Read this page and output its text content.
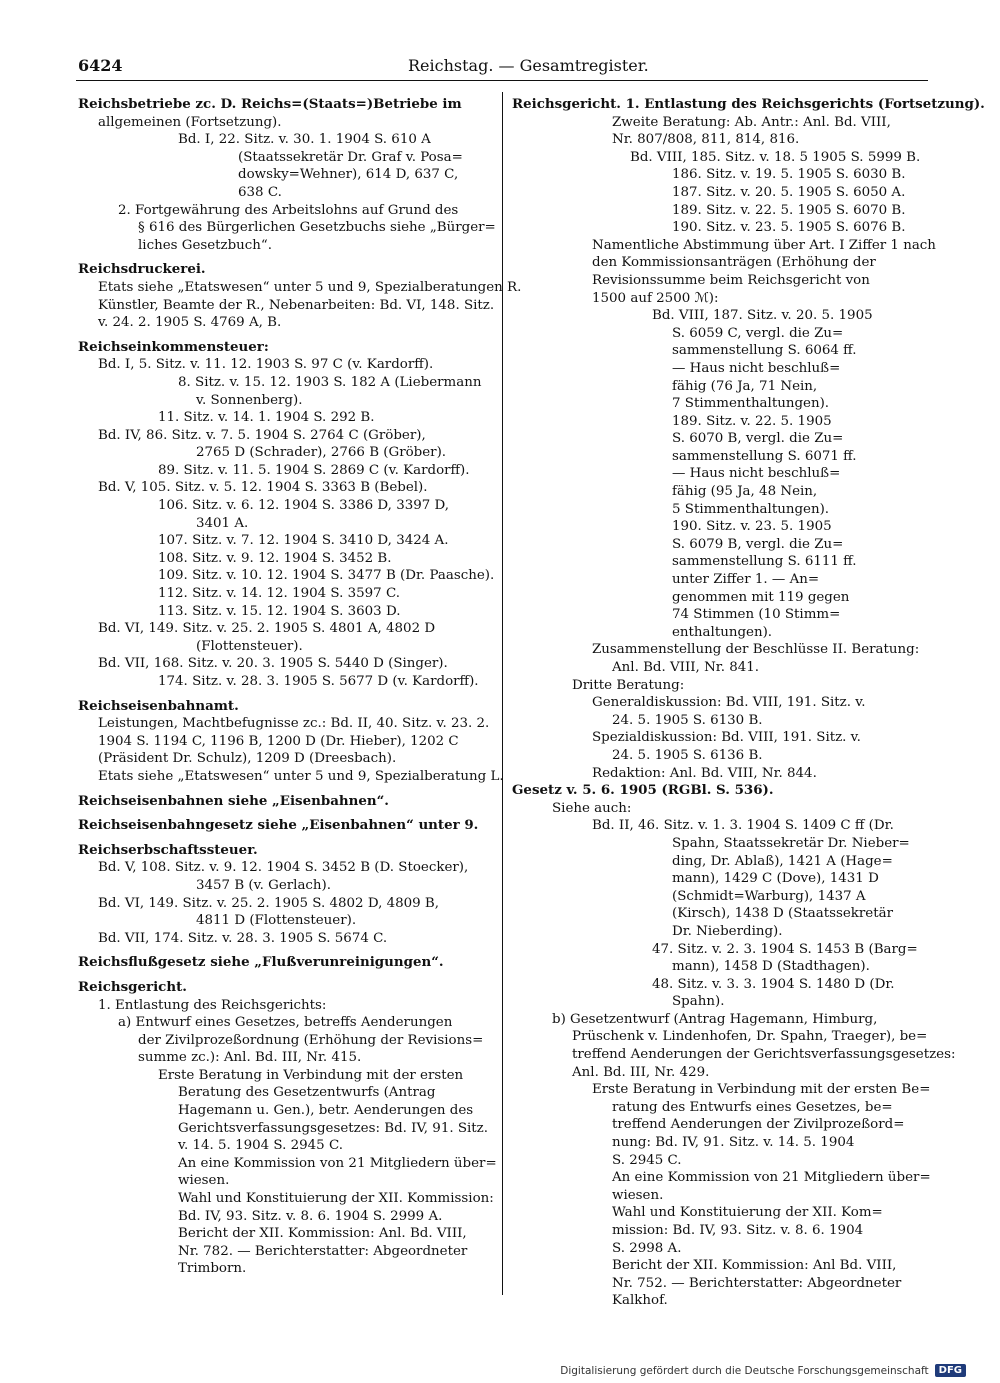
6424	Reichstag. — Gesamtregister.
Reichsbetriebe zc. D. Reichs=(Staats=)Betriebe im
allgemeinen (Fortsetzung).
Bd. I, 22. Sitz. v. 30. 1. 1904 S. 610 A
(Staatssekretär Dr. Graf v. Posa=
dowsky=Wehner), 614 D, 637 C,
638 C.
2. Fortgewährung des Arbeitslohns auf Grund des
§ 616 des Bürgerlichen Gesetzbuchs siehe „Bürger=
liches Gesetzbuch“.
Reichsdruckerei.
Etats siehe „Etatswesen“ unter 5 und 9, Spezialberatungen R.
Künstler, Beamte der R., Nebenarbeiten: Bd. VI, 148. Sitz.
v. 24. 2. 1905 S. 4769 A, B.
Reichseinkommensteuer:
Bd. I, 5. Sitz. v. 11. 12. 1903 S. 97 C (v. Kardorff).
8. Sitz. v. 15. 12. 1903 S. 182 A (Liebermann
v. Sonnenberg).
11. Sitz. v. 14. 1. 1904 S. 292 B.
Bd. IV, 86. Sitz. v. 7. 5. 1904 S. 2764 C (Gröber),
2765 D (Schrader), 2766 B (Gröber).
89. Sitz. v. 11. 5. 1904 S. 2869 C (v. Kardorff).
Bd. V, 105. Sitz. v. 5. 12. 1904 S. 3363 B (Bebel).
106. Sitz. v. 6. 12. 1904 S. 3386 D, 3397 D,
3401 A.
107. Sitz. v. 7. 12. 1904 S. 3410 D, 3424 A.
108. Sitz. v. 9. 12. 1904 S. 3452 B.
109. Sitz. v. 10. 12. 1904 S. 3477 B (Dr. Paasche).
112. Sitz. v. 14. 12. 1904 S. 3597 C.
113. Sitz. v. 15. 12. 1904 S. 3603 D.
Bd. VI, 149. Sitz. v. 25. 2. 1905 S. 4801 A, 4802 D
(Flottensteuer).
Bd. VII, 168. Sitz. v. 20. 3. 1905 S. 5440 D (Singer).
174. Sitz. v. 28. 3. 1905 S. 5677 D (v. Kardorff).
Reichseisenbahnamt.
Leistungen, Machtbefugnisse zc.: Bd. II, 40. Sitz. v. 23. 2.
1904 S. 1194 C, 1196 B, 1200 D (Dr. Hieber), 1202 C
(Präsident Dr. Schulz), 1209 D (Dreesbach).
Etats siehe „Etatswesen“ unter 5 und 9, Spezialberatung L.
Reichseisenbahnen siehe „Eisenbahnen“.
Reichseisenbahngesetz siehe „Eisenbahnen“ unter 9.
Reichserbschaftssteuer.
Bd. V, 108. Sitz. v. 9. 12. 1904 S. 3452 B (D. Stoecker),
3457 B (v. Gerlach).
Bd. VI, 149. Sitz. v. 25. 2. 1905 S. 4802 D, 4809 B,
4811 D (Flottensteuer).
Bd. VII, 174. Sitz. v. 28. 3. 1905 S. 5674 C.
Reichsflußgesetz siehe „Flußverunreinigungen“.
Reichsgericht.
1. Entlastung des Reichsgerichts:
a) Entwurf eines Gesetzes, betreffs Aenderungen
der Zivilprozeßordnung (Erhöhung der Revisions=
summe zc.): Anl. Bd. III, Nr. 415.
Erste Beratung in Verbindung mit der ersten
Beratung des Gesetzentwurfs (Antrag
Hagemann u. Gen.), betr. Aenderungen des
Gerichtsverfassungsgesetzes: Bd. IV, 91. Sitz.
v. 14. 5. 1904 S. 2945 C.
An eine Kommission von 21 Mitgliedern über=
wiesen.
Wahl und Konstituierung der XII. Kommission:
Bd. IV, 93. Sitz. v. 8. 6. 1904 S. 2999 A.
Bericht der XII. Kommission: Anl. Bd. VIII,
Nr. 782. — Berichterstatter: Abgeordneter
Trimborn.
Reichsgericht. 1. Entlastung des Reichsgerichts (Fortsetzung).
Zweite Beratung: Ab. Antr.: Anl. Bd. VIII,
Nr. 807/808, 811, 814, 816.
Bd. VIII, 185. Sitz. v. 18. 5 1905 S. 5999 B.
186. Sitz. v. 19. 5. 1905 S. 6030 B.
187. Sitz. v. 20. 5. 1905 S. 6050 A.
189. Sitz. v. 22. 5. 1905 S. 6070 B.
190. Sitz. v. 23. 5. 1905 S. 6076 B.
Namentliche Abstimmung über Art. I Ziffer 1 nach
den Kommissionsanträgen (Erhöhung der
Revisionssumme beim Reichsgericht von
1500 auf 2500 ℳ):
Bd. VIII, 187. Sitz. v. 20. 5. 1905
S. 6059 C, vergl. die Zu=
sammenstellung S. 6064 ff.
— Haus nicht beschluß=
fähig (76 Ja, 71 Nein,
7 Stimmenthaltungen).
189. Sitz. v. 22. 5. 1905
S. 6070 B, vergl. die Zu=
sammenstellung S. 6071 ff.
— Haus nicht beschluß=
fähig (95 Ja, 48 Nein,
5 Stimmenthaltungen).
190. Sitz. v. 23. 5. 1905
S. 6079 B, vergl. die Zu=
sammenstellung S. 6111 ff.
unter Ziffer 1. — An=
genommen mit 119 gegen
74 Stimmen (10 Stimm=
enthaltungen).
Zusammenstellung der Beschlüsse II. Beratung:
Anl. Bd. VIII, Nr. 841.
Dritte Beratung:
Generaldiskussion: Bd. VIII, 191. Sitz. v.
24. 5. 1905 S. 6130 B.
Spezialdiskussion: Bd. VIII, 191. Sitz. v.
24. 5. 1905 S. 6136 B.
Redaktion: Anl. Bd. VIII, Nr. 844.
Gesetz v. 5. 6. 1905 (RGBl. S. 536).
Siehe auch:
Bd. II, 46. Sitz. v. 1. 3. 1904 S. 1409 C ff (Dr.
Spahn, Staatssekretär Dr. Nieber=
ding, Dr. Ablaß), 1421 A (Hage=
mann), 1429 C (Dove), 1431 D
(Schmidt=Warburg), 1437 A
(Kirsch), 1438 D (Staatssekretär
Dr. Nieberding).
47. Sitz. v. 2. 3. 1904 S. 1453 B (Barg=
mann), 1458 D (Stadthagen).
48. Sitz. v. 3. 3. 1904 S. 1480 D (Dr.
Spahn).
b) Gesetzentwurf (Antrag Hagemann, Himburg,
Prüschenk v. Lindenhofen, Dr. Spahn, Traeger), be=
treffend Aenderungen der Gerichtsverfassungsgesetzes:
Anl. Bd. III, Nr. 429.
Erste Beratung in Verbindung mit der ersten Be=
ratung des Entwurfs eines Gesetzes, be=
treffend Aenderungen der Zivilprozeßord=
nung: Bd. IV, 91. Sitz. v. 14. 5. 1904
S. 2945 C.
An eine Kommission von 21 Mitgliedern über=
wiesen.
Wahl und Konstituierung der XII. Kom=
mission: Bd. IV, 93. Sitz. v. 8. 6. 1904
S. 2998 A.
Bericht der XII. Kommission: Anl Bd. VIII,
Nr. 752. — Berichterstatter: Abgeordneter
Kalkhof.
Digitalisierung gefördert durch die Deutsche Forschungsgemeinschaft	DFG
